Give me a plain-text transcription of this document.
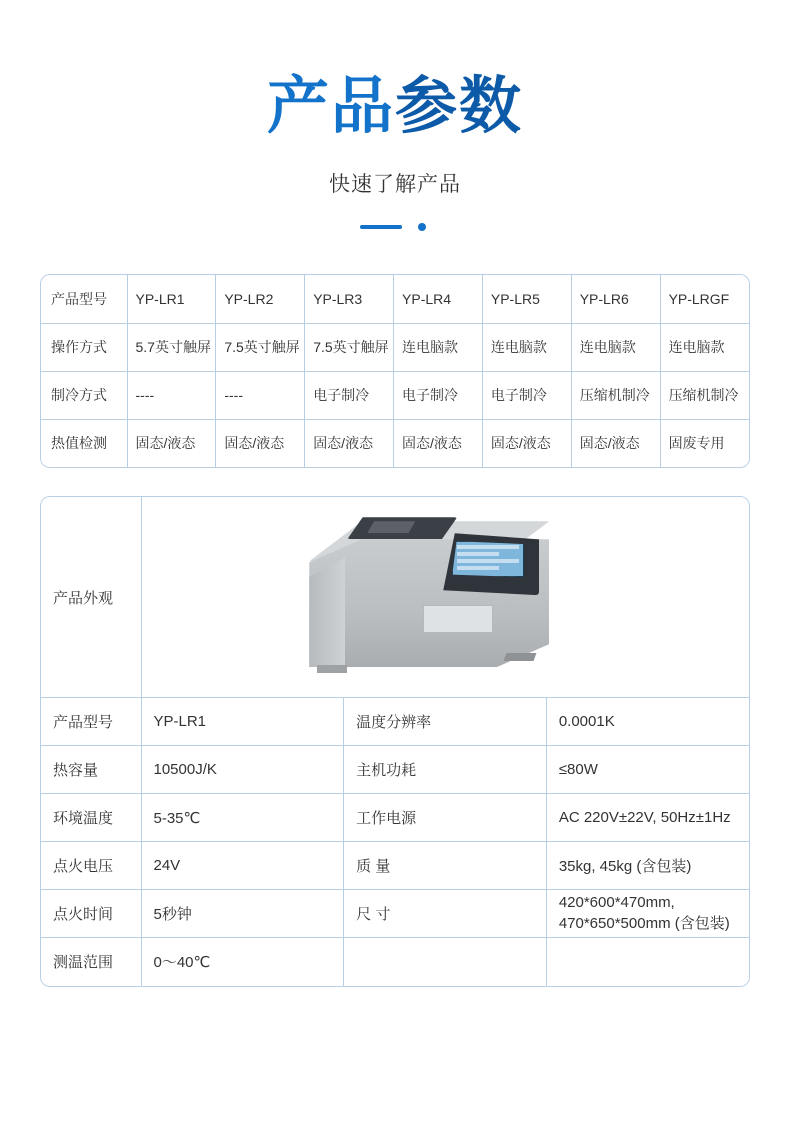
产品参数

快速了解产品

产品型号	YP-LR1	YP-LR2	YP-LR3	YP-LR4	YP-LR5	YP-LR6	YP-LRGF
操作方式	5.7英寸触屏	7.5英寸触屏	7.5英寸触屏	连电脑款	连电脑款	连电脑款	连电脑款
制冷方式	----	----	电子制冷	电子制冷	电子制冷	压缩机制冷	压缩机制冷
热值检测	固态/液态	固态/液态	固态/液态	固态/液态	固态/液态	固态/液态	固废专用
产品外观			

产品型号	YP-LR1	温度分辨率	0.0001K
热容量	10500J/K	主机功耗	≤80W
环境温度	5-35℃	工作电源	AC 220V±22V, 50Hz±1Hz
点火电压	24V	质 量	35kg, 45kg (含包装)
点火时间	5秒钟	尺 寸	420*600*470mm,
470*650*500mm (含包装)
测温范围	0～40℃		
